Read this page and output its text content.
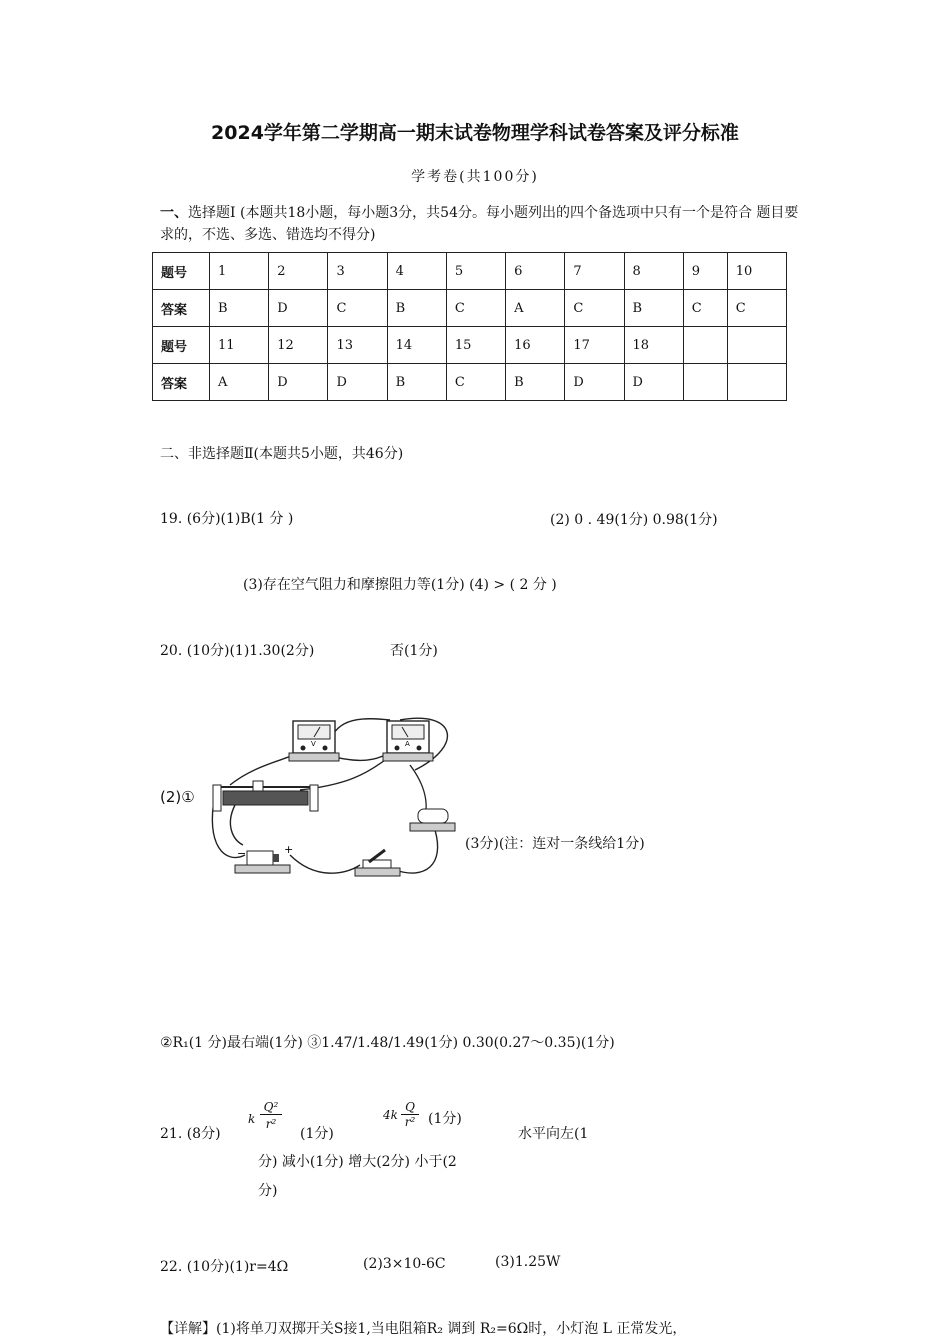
2024学年第二学期高一期末试卷物理学科试卷答案及评分标准
学考卷(共100分)
一、选择题Ⅰ (本题共18小题，每小题3分，共54分。每小题列出的四个备选项中只有一个是符合 题目要求的，不选、多选、错选均不得分)
题号	1	2	3	4	5	6	7	8	9	10
答案	B	D	C	B	C	A	C	B	C	C
题号	11	12	13	14	15	16	17	18		
答案	A	D	D	B	C	B	D	D		
二、非选择题Ⅱ(本题共5小题，共46分)
19. (6分)(1)B(1 分 )	(2) 0 . 49(1分) 0.98(1分)
(3)存在空气阻力和摩擦阻力等(1分) (4) > ( 2 分 )
20. (10分)(1)1.30(2分)	否(1分)
(2)①
V	A
−	+	(3分)(注：连对一条线给1分)
②R₁(1 分)最右端(1分) ③1.47/1.48/1.49(1分) 0.30(0.27～0.35)(1分)
21. (8分)
k
Q²
r²
(1分)
4k
Q
r² (1分)
水平向左(1
分) 减小(1分) 增大(2分) 小于(2
分)
22. (10分)(1)r=4Ω	(2)3×10-6C	(3)1.25W
【详解】(1)将单刀双掷开关S接1,当电阻箱R₂ 调到 R₂=6Ω时，小灯泡 L 正常发光，
